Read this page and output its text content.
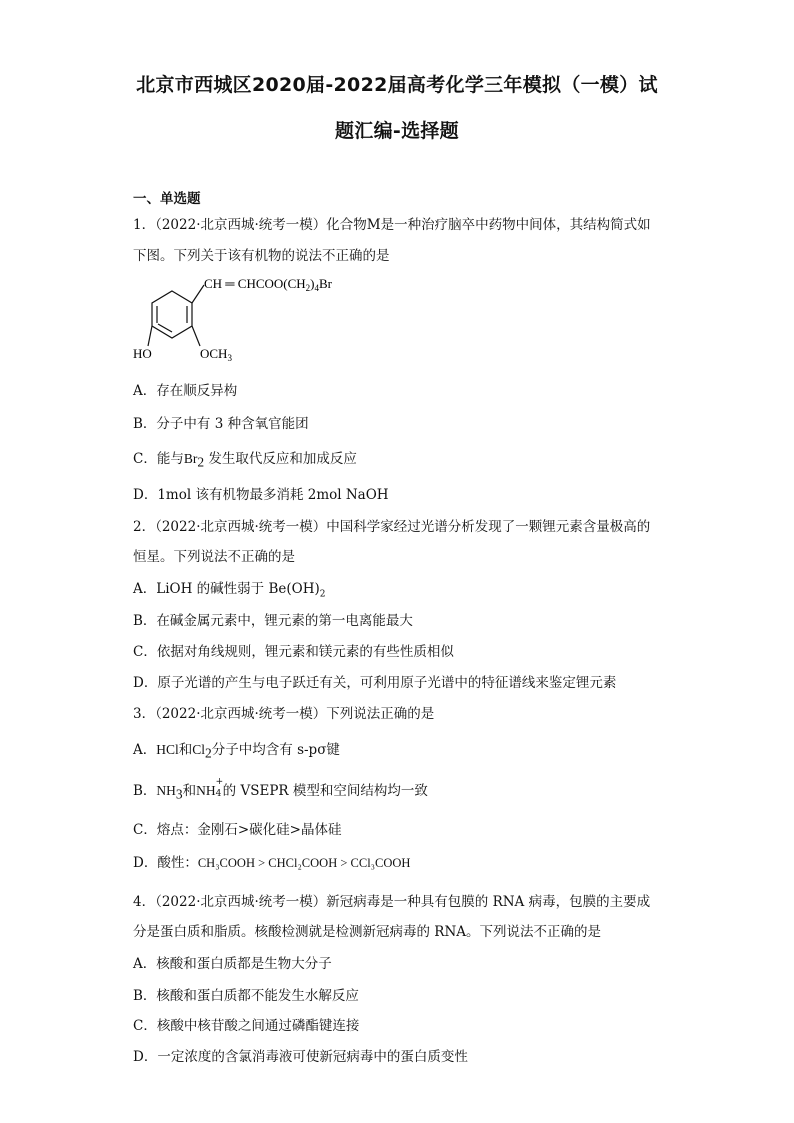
北京市西城区2020届-2022届高考化学三年模拟（一模）试
题汇编-选择题
一、单选题
1．（2022·北京西城·统考一模）化合物M是一种治疗脑卒中药物中间体，其结构简式如
下图。下列关于该有机物的说法不正确的是
CH ═ $CHCOO(CH_2)_4Br$
HO	$OCH_3$
A．存在顺反异构
B．分子中有 3 种含氧官能团
C．能与$Br_2$ 发生取代反应和加成反应
D．1mol 该有机物最多消耗 2mol NaOH
2．（2022·北京西城·统考一模）中国科学家经过光谱分析发现了一颗锂元素含量极高的
恒星。下列说法不正确的是
A．LiOH 的碱性弱于 $Be(OH)_2$
B．在碱金属元素中，锂元素的第一电离能最大
C．依据对角线规则，锂元素和镁元素的有些性质相似
D．原子光谱的产生与电子跃迁有关，可利用原子光谱中的特征谱线来鉴定锂元素
3．（2022·北京西城·统考一模）下列说法正确的是
A．HCl和$Cl_2$分子中均含有 s-pσ键
B．$NH_3$和NH
+
4 的 VSEPR 模型和空间结构均一致
C．熔点：金刚石>碳化硅>晶体硅
D．酸性：CH₃COOH > CHCl₂COOH > CCl₃COOH
4．（2022·北京西城·统考一模）新冠病毒是一种具有包膜的 RNA 病毒，包膜的主要成
分是蛋白质和脂质。核酸检测就是检测新冠病毒的 RNA。下列说法不正确的是
A．核酸和蛋白质都是生物大分子
B．核酸和蛋白质都不能发生水解反应
C．核酸中核苷酸之间通过磷酯键连接
D．一定浓度的含氯消毒液可使新冠病毒中的蛋白质变性
